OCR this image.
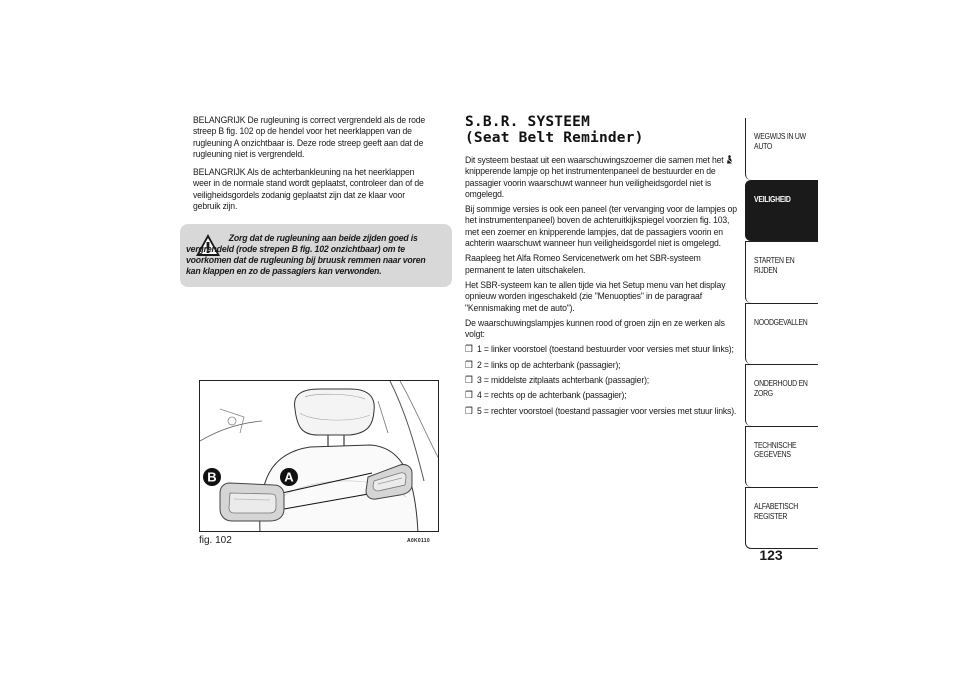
BELANGRIJK De rugleuning is correct vergrendeld als de rode streep B fig. 102 op de hendel voor het neerklappen van de rugleuning A onzichtbaar is. Deze rode streep geeft aan dat de rugleuning niet is vergrendeld.

BELANGRIJK Als de achterbankleuning na het neerklappen weer in de normale stand wordt geplaatst, controleer dan of de veiligheidsgordels zodanig geplaatst zijn dat ze klaar voor gebruik zijn.

Zorg dat de rugleuning aan beide zijden goed is vergrendeld (rode strepen B fig. 102 onzichtbaar) om te voorkomen dat de rugleuning bij bruusk remmen naar voren kan klappen en zo de passagiers kan verwonden.
B	A
fig. 102	A0K0110
S.B.R. SYSTEEM
(Seat Belt Reminder)

Dit systeem bestaat uit een waarschuwingszoemer die samen met het  knipperende lampje op het instrumentenpaneel de bestuurder en de passagier voorin waarschuwt wanneer hun veiligheidsgordel niet is omgelegd.

Bij sommige versies is ook een paneel (ter vervanging voor de lampjes op het instrumentenpaneel) boven de achteruitkijkspiegel voorzien fig. 103, met een zoemer en knipperende lampjes, dat de passagiers voorin en achterin waarschuwt wanneer hun veiligheidsgordel niet is omgelegd.

Raapleeg het Alfa Romeo Servicenetwerk om het SBR-systeem permanent te laten uitschakelen.

Het SBR-systeem kan te allen tijde via het Setup menu van het display opnieuw worden ingeschakeld (zie "Menuopties" in de paragraaf "Kennismaking met de auto").

De waarschuwingslampjes kunnen rood of groen zijn en ze werken als volgt:

❒ 1 = linker voorstoel (toestand bestuurder voor versies met stuur links);
❒ 2 = links op de achterbank (passagier);
❒ 3 = middelste zitplaats achterbank (passagier);
❒ 4 = rechts op de achterbank (passagier);
❒ 5 = rechter voorstoel (toestand passagier voor versies met stuur links).
WEGWIJS IN UW AUTO
VEILIGHEID
STARTEN EN RIJDEN
NOODGEVALLEN
ONDERHOUD EN ZORG
TECHNISCHE GEGEVENS
ALFABETISCH REGISTER
123
